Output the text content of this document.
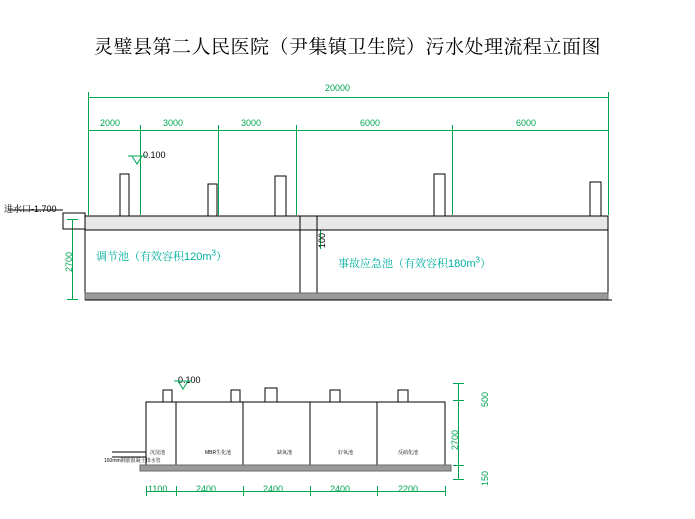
灵璧县第二人民医院（尹集镇卫生院）污水处理流程立面图
20000
2000	3000	3000	6000	6000
0.100
进水口-1.700
2700
100
调节池（有效容积$120m^3$）
事故应急池（有效容积$180m^3$）
0.100
150mm钢筋混凝土排水管
沉淀池	MBR生化池	缺氧池	好氧池	反硝化池
500
2700
150
1100	2400	2400	2400	2200
